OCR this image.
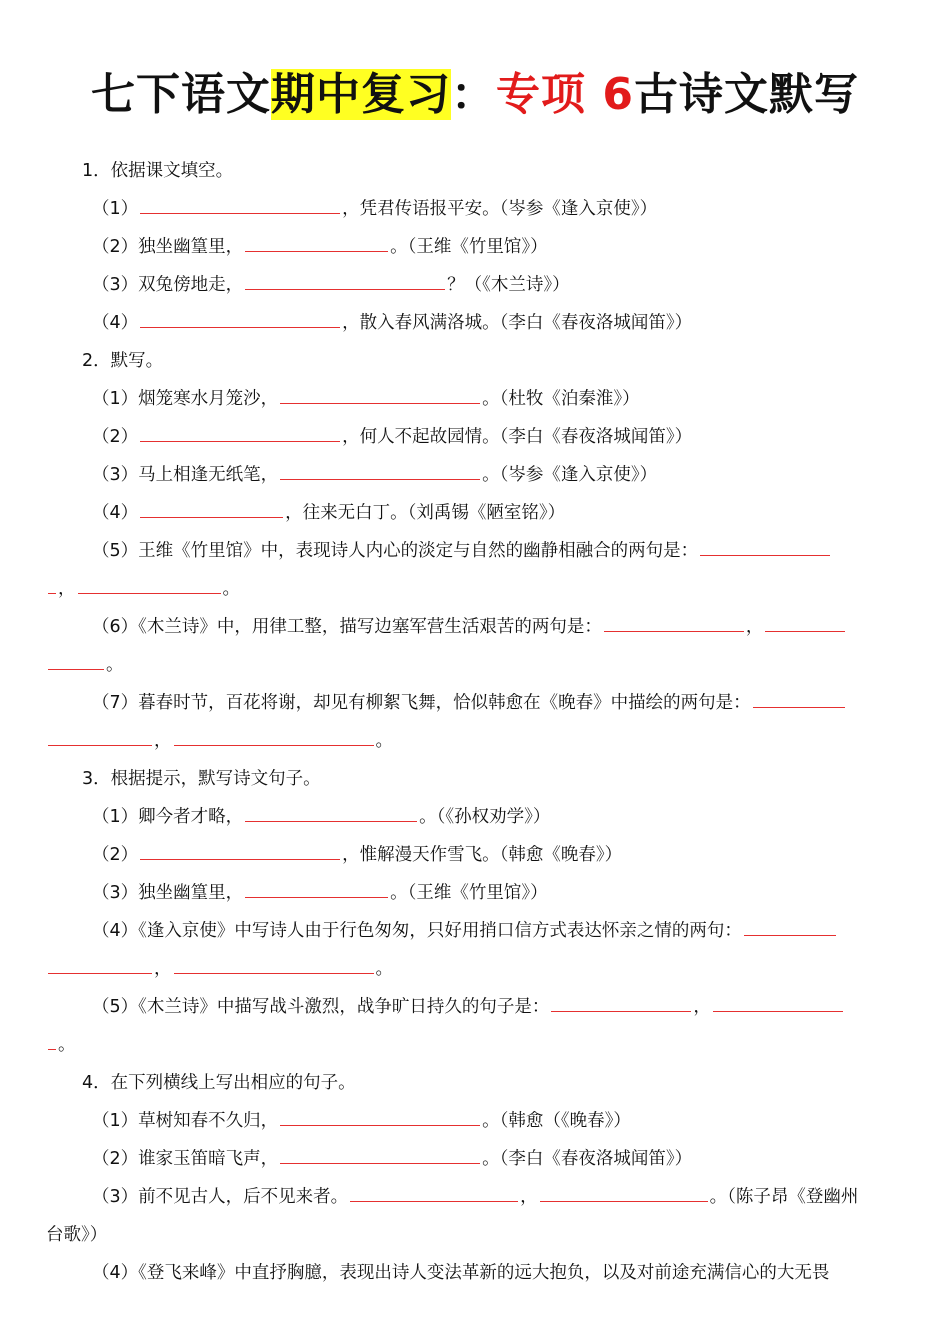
七下语文期中复习：专项 6古诗文默写
1．依据课文填空。
（1）	，凭君传语报平安。（岑参《逢入京使》）
（2）独坐幽篁里，	。（王维《竹里馆》）
（3）双兔傍地走，	？（《木兰诗》）
（4）	，散入春风满洛城。（李白《春夜洛城闻笛》）
2．默写。
（1）烟笼寒水月笼沙，	。（杜牧《泊秦淮》）
（2）	，何人不起故园情。（李白《春夜洛城闻笛》）
（3）马上相逢无纸笔，	。（岑参《逢入京使》）
（4）	，往来无白丁。（刘禹锡《陋室铭》）
（5）王维《竹里馆》中，表现诗人内心的淡定与自然的幽静相融合的两句是：
，	。
（6）《木兰诗》中，用律工整，描写边塞军营生活艰苦的两句是：	，
。
（7）暮春时节，百花将谢，却见有柳絮飞舞，恰似韩愈在《晚春》中描绘的两句是：
，	。
3．根据提示，默写诗文句子。
（1）卿今者才略，	。（《孙权劝学》）
（2）	，惟解漫天作雪飞。（韩愈《晚春》）
（3）独坐幽篁里，	。（王维《竹里馆》）
（4）《逢入京使》中写诗人由于行色匆匆，只好用捎口信方式表达怀亲之情的两句：
，	。
（5）《木兰诗》中描写战斗激烈，战争旷日持久的句子是：	，
。
4．在下列横线上写出相应的句子。
（1）草树知春不久归，	。（韩愈（《晚春》）
（2）谁家玉笛暗飞声，	。（李白《春夜洛城闻笛》）
（3）前不见古人，后不见来者。	，	。（陈子昂《登幽州
台歌》）
（4）《登飞来峰》中直抒胸臆，表现出诗人变法革新的远大抱负，以及对前途充满信心的大无畏
